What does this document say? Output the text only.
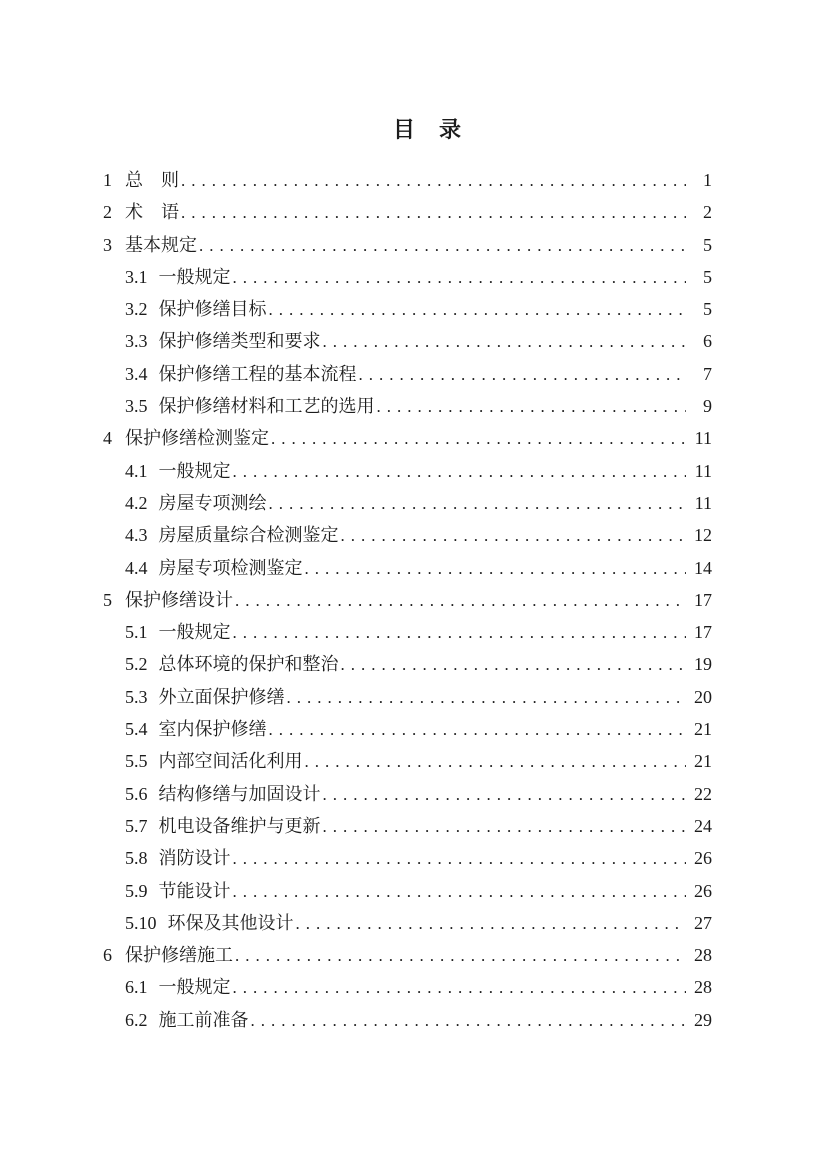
目　录
1 总　则 .....	1
2 术　语 .....	2
3 基本规定 .....	5
3.1 一般规定 .....	5
3.2 保护修缮目标 .....	5
3.3 保护修缮类型和要求 .....	6
3.4 保护修缮工程的基本流程 .....	7
3.5 保护修缮材料和工艺的选用 .....	9
4 保护修缮检测鉴定 .....	11
4.1 一般规定 .....	11
4.2 房屋专项测绘 .....	11
4.3 房屋质量综合检测鉴定 .....	12
4.4 房屋专项检测鉴定 .....	14
5 保护修缮设计 .....	17
5.1 一般规定 .....	17
5.2 总体环境的保护和整治 .....	19
5.3 外立面保护修缮 .....	20
5.4 室内保护修缮 .....	21
5.5 内部空间活化利用 .....	21
5.6 结构修缮与加固设计 .....	22
5.7 机电设备维护与更新 .....	24
5.8 消防设计 .....	26
5.9 节能设计 .....	26
5.10 环保及其他设计 .....	27
6 保护修缮施工 .....	28
6.1 一般规定 .....	28
6.2 施工前准备 .....	29
